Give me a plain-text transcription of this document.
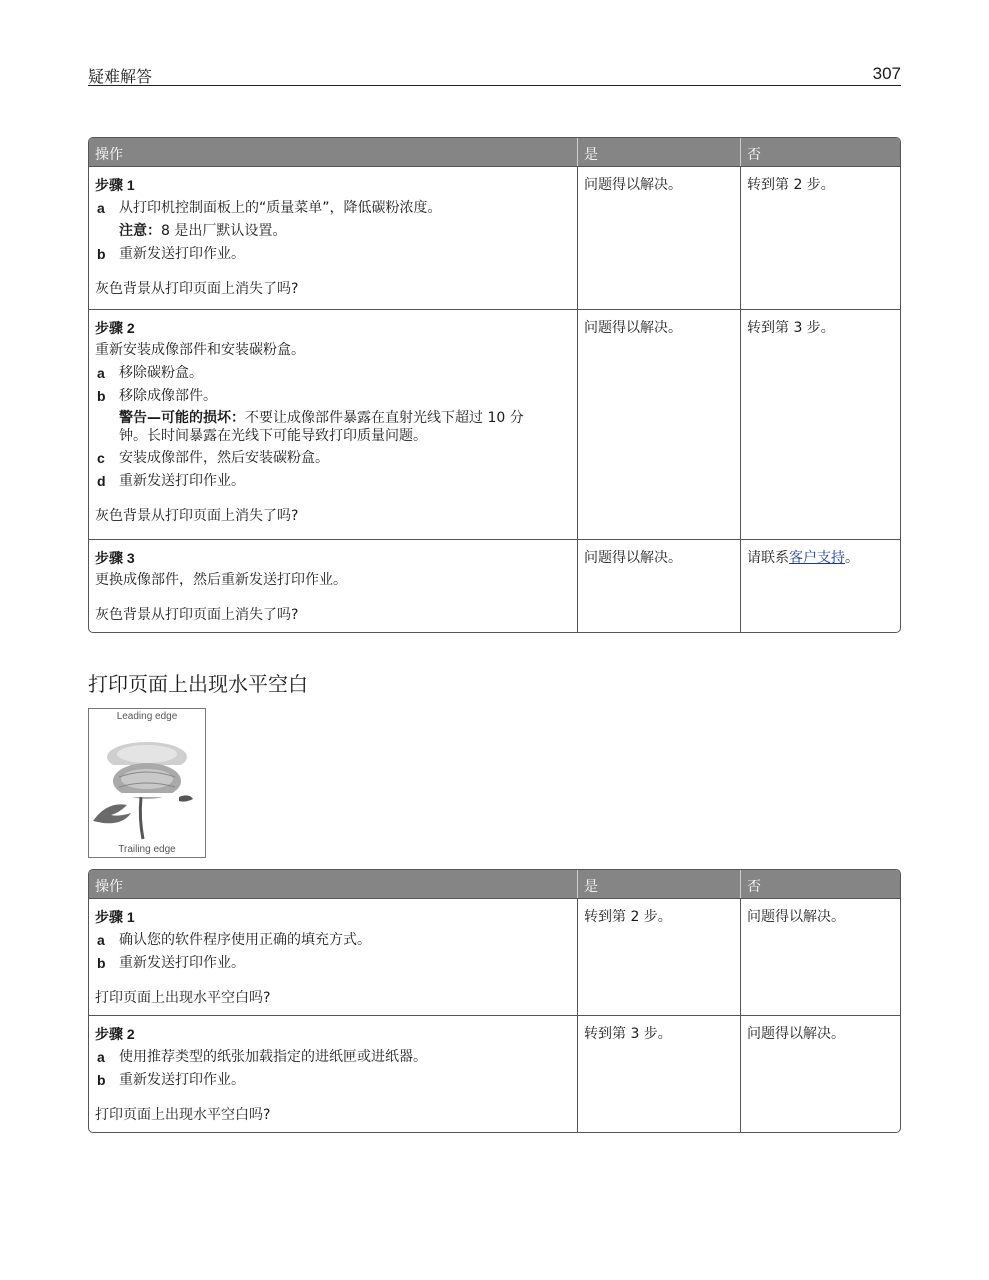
疑难解答	307
操作	是	否
步骤 1
a	从打印机控制面板上的“质量菜单”，降低碳粉浓度。
注意：8 是出厂默认设置。
b 重新发送打印作业。
灰色背景从打印页面上消失了吗?
问题得以解决。	转到第 2 步。
步骤 2
重新安装成像部件和安装碳粉盒。
a	移除碳粉盒。
b 移除成像部件。
警告—可能的损坏：不要让成像部件暴露在直射光线下超过 10 分钟。长时间暴露在光线下可能导致打印质量问题。
c	安装成像部件，然后安装碳粉盒。
d 重新发送打印作业。
灰色背景从打印页面上消失了吗?
问题得以解决。	转到第 3 步。
步骤 3
更换成像部件，然后重新发送打印作业。
灰色背景从打印页面上消失了吗?
问题得以解决。	请联系客户支持。
打印页面上出现水平空白
Leading edge
Trailing edge
操作	是	否
步骤 1
a	确认您的软件程序使用正确的填充方式。
b 重新发送打印作业。
打印页面上出现水平空白吗?
转到第 2 步。	问题得以解决。
步骤 2
a	使用推荐类型的纸张加载指定的进纸匣或进纸器。
b 重新发送打印作业。
打印页面上出现水平空白吗?
转到第 3 步。	问题得以解决。
